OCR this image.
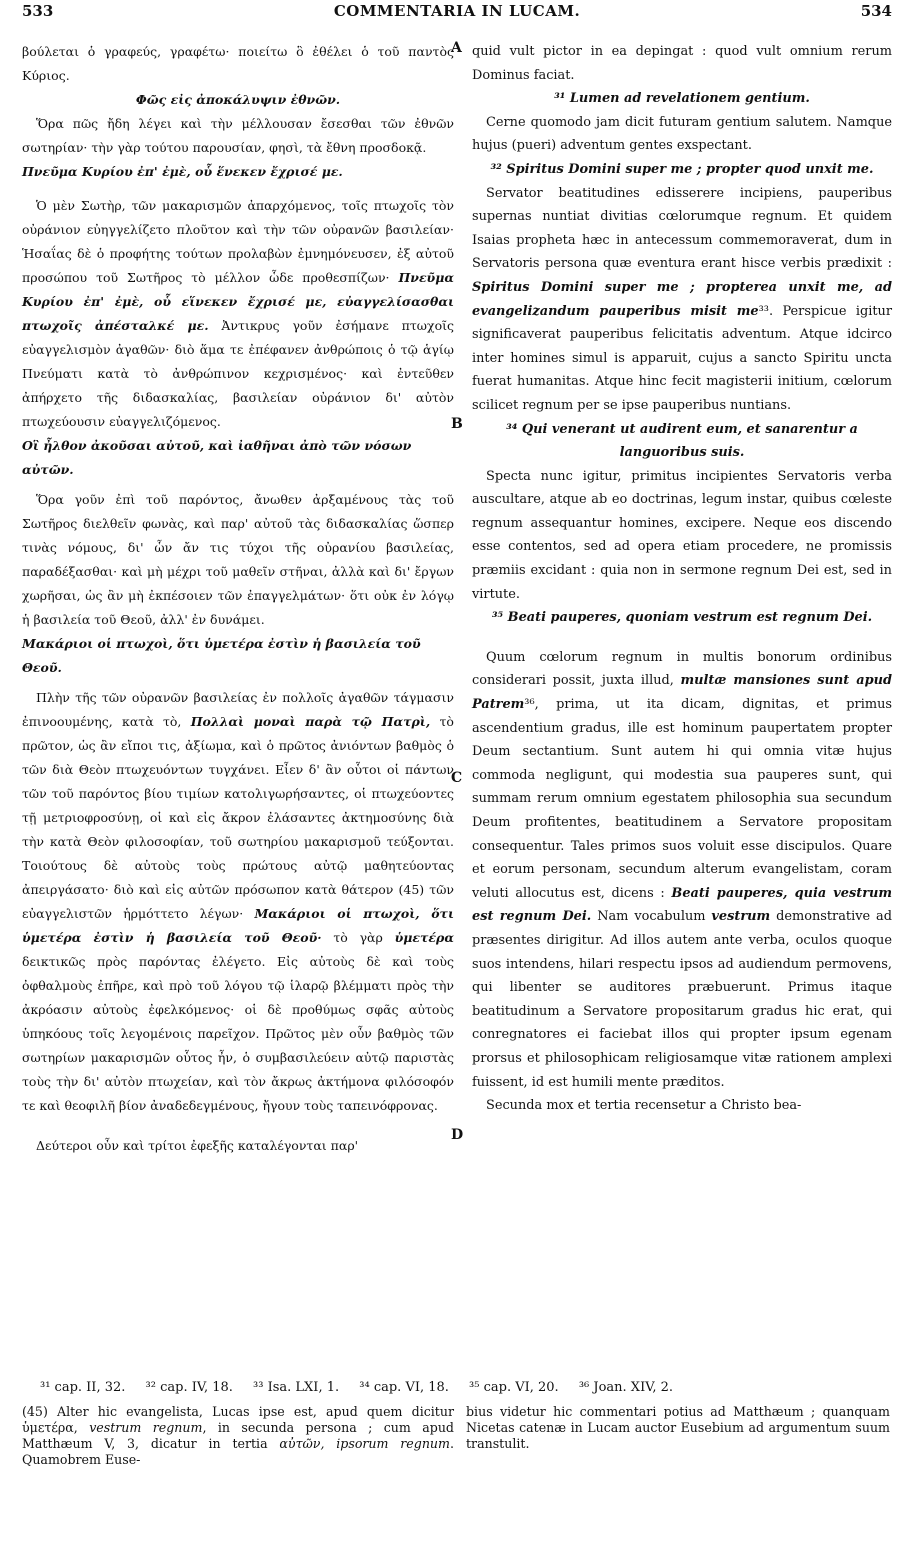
533	COMMENTARIA IN LUCAM.	534

βούλεται ὁ γραφεύς, γραφέτω· ποιείτω ὃ ἐθέλει ὁ τοῦ παντὸς Κύριος.

Φῶς εἰς ἀποκάλυψιν ἐθνῶν.

Ὅρα πῶς ἤδη λέγει καὶ τὴν μέλλουσαν ἔσεσθαι τῶν ἐθνῶν σωτηρίαν· τὴν γὰρ τούτου παρουσίαν, φησὶ, τὰ ἔθνη προσδοκᾷ.

Πνεῦμα Κυρίου ἐπ' ἐμὲ, οὗ ἕνεκεν ἔχρισέ με.

Ὁ μὲν Σωτὴρ, τῶν μακαρισμῶν ἀπαρχόμενος, τοῖς πτωχοῖς τὸν οὐράνιον εὐηγγελίζετο πλοῦτον καὶ τὴν τῶν οὐρανῶν βασιλείαν· Ἡσαΐας δὲ ὁ προφήτης τούτων προλαβὼν ἐμνημόνευσεν, ἐξ αὐτοῦ προσώπου τοῦ Σωτῆρος τὸ μέλλον ὧδε προθεσπίζων· Πνεῦμα Κυρίου ἐπ' ἐμὲ, οὗ εἵνεκεν ἔχρισέ με, εὐαγγελίσασθαι πτωχοῖς ἀπέσταλκέ με. Ἀντικρυς γοῦν ἐσήμανε πτωχοῖς εὐαγγελισμὸν ἀγαθῶν· διὸ ἅμα τε ἐπέφανεν ἀνθρώποις ὁ τῷ ἁγίῳ Πνεύματι κατὰ τὸ ἀνθρώπινον κεχρισμένος· καὶ ἐντεῦθεν ἀπήρχετο τῆς διδασκαλίας, βασιλείαν οὐράνιον δι' αὐτὸν πτωχεύουσιν εὐαγγελιζόμενος.

Οἳ ἦλθον ἀκοῦσαι αὐτοῦ, καὶ ἰαθῆναι ἀπὸ τῶν νόσων αὐτῶν.

Ὅρα γοῦν ἐπὶ τοῦ παρόντος, ἄνωθεν ἀρξαμένους τὰς τοῦ Σωτῆρος διελθεῖν φωνὰς, καὶ παρ' αὐτοῦ τὰς διδασκαλίας ὥσπερ τινὰς νόμους, δι' ὧν ἄν τις τύχοι τῆς οὐρανίου βασιλείας, παραδέξασθαι· καὶ μὴ μέχρι τοῦ μαθεῖν στῆναι, ἀλλὰ καὶ δι' ἔργων χωρῆσαι, ὡς ἂν μὴ ἐκπέσοιεν τῶν ἐπαγγελμάτων· ὅτι οὐκ ἐν λόγῳ ἡ βασιλεία τοῦ Θεοῦ, ἀλλ' ἐν δυνάμει.

Μακάριοι οἱ πτωχοὶ, ὅτι ὑμετέρα ἐστὶν ἡ βασιλεία τοῦ Θεοῦ.

Πλὴν τῆς τῶν οὐρανῶν βασιλείας ἐν πολλοῖς ἀγαθῶν τάγμασιν ἐπινοουμένης, κατὰ τὸ, Πολλαὶ μοναὶ παρὰ τῷ Πατρὶ, τὸ πρῶτον, ὡς ἂν εἴποι τις, ἀξίωμα, καὶ ὁ πρῶτος ἀνιόντων βαθμὸς ὁ τῶν διὰ Θεὸν πτωχευόντων τυγχάνει. Εἶεν δ' ἂν οὗτοι οἱ πάντων τῶν τοῦ παρόντος βίου τιμίων κατολιγωρήσαντες, οἱ πτωχεύοντες τῇ μετριοφροσύνῃ, οἱ καὶ εἰς ἄκρον ἐλάσαντες ἀκτημοσύνης διὰ τὴν κατὰ Θεὸν φιλοσοφίαν, τοῦ σωτηρίου μακαρισμοῦ τεύξονται. Τοιούτους δὲ αὐτοὺς τοὺς πρώτους αὐτῷ μαθητεύοντας ἀπειργάσατο· διὸ καὶ εἰς αὐτῶν πρόσωπον κατὰ θάτερον (45) τῶν εὐαγγελιστῶν ἡρμόττετο λέγων· Μακάριοι οἱ πτωχοὶ, ὅτι ὑμετέρα ἐστὶν ἡ βασιλεία τοῦ Θεοῦ· τὸ γὰρ ὑμετέρα δεικτικῶς πρὸς παρόντας ἐλέγετο. Εἰς αὐτοὺς δὲ καὶ τοὺς ὀφθαλμοὺς ἐπῆρε, καὶ πρὸ τοῦ λόγου τῷ ἱλαρῷ βλέμματι πρὸς τὴν ἀκρόασιν αὐτοὺς ἐφελκόμενος· οἱ δὲ προθύμως σφᾶς αὐτοὺς ὑπηκόους τοῖς λεγομένοις παρεῖχον. Πρῶτος μὲν οὖν βαθμὸς τῶν σωτηρίων μακαρισμῶν οὗτος ἦν, ὁ συμβασιλεύειν αὐτῷ παριστὰς τοὺς τὴν δι' αὐτὸν πτωχείαν, καὶ τὸν ἄκρως ἀκτήμονα φιλόσοφόν τε καὶ θεοφιλῆ βίον ἀναδεδεγμένους, ἤγουν τοὺς ταπεινόφρονας.

Δεύτεροι οὖν καὶ τρίτοι ἐφεξῆς καταλέγονται παρ'

A
B
C
D

quid vult pictor in ea depingat : quod vult omnium rerum Dominus faciat.

³¹ Lumen ad revelationem gentium.

Cerne quomodo jam dicit futuram gentium salutem. Namque hujus (pueri) adventum gentes exspectant.

³² Spiritus Domini super me ; propter quod unxit me.

Servator beatitudines edisserere incipiens, pauperibus supernas nuntiat divitias cœlorumque regnum. Et quidem Isaias propheta hæc in antecessum commemoraverat, dum in Servatoris persona quæ eventura erant hisce verbis prædixit : Spiritus Domini super me ; propterea unxit me, ad evangelizandum pauperibus misit me³³. Perspicue igitur significaverat pauperibus felicitatis adventum. Atque idcirco inter homines simul is apparuit, cujus a sancto Spiritu uncta fuerat humanitas. Atque hinc fecit magisterii initium, cœlorum scilicet regnum per se ipse pauperibus nuntians.

³⁴ Qui venerant ut audirent eum, et sanarentur a languoribus suis.

Specta nunc igitur, primitus incipientes Servatoris verba auscultare, atque ab eo doctrinas, legum instar, quibus cœleste regnum assequantur homines, excipere. Neque eos discendo esse contentos, sed ad opera etiam procedere, ne promissis præmiis excidant : quia non in sermone regnum Dei est, sed in virtute.

³⁵ Beati pauperes, quoniam vestrum est regnum Dei.

Quum cœlorum regnum in multis bonorum ordinibus considerari possit, juxta illud, multæ mansiones sunt apud Patrem³⁶, prima, ut ita dicam, dignitas, et primus ascendentium gradus, ille est hominum paupertatem propter Deum sectantium. Sunt autem hi qui omnia vitæ hujus commoda negligunt, qui modestia sua pauperes sunt, qui summam rerum omnium egestatem philosophia sua secundum Deum profitentes, beatitudinem a Servatore propositam consequentur. Tales primos suos voluit esse discipulos. Quare et eorum personam, secundum alterum evangelistam, coram veluti allocutus est, dicens : Beati pauperes, quia vestrum est regnum Dei. Nam vocabulum vestrum demonstrative ad præsentes dirigitur. Ad illos autem ante verba, oculos quoque suos intendens, hilari respectu ipsos ad audiendum permovens, qui libenter se auditores præbuerunt. Primus itaque beatitudinum a Servatore propositarum gradus hic erat, qui conregnatores ei faciebat illos qui propter ipsum egenam prorsus et philosophicam religiosamque vitæ rationem amplexi fuissent, id est humili mente præditos.

Secunda mox et tertia recensetur a Christo bea-

³¹ cap. II, 32. ³² cap. IV, 18. ³³ Isa. LXI, 1. ³⁴ cap. VI, 18. ³⁵ cap. VI, 20. ³⁶ Joan. XIV, 2.
(45) Alter hic evangelista, Lucas ipse est, apud quem dicitur ὑμετέρα, vestrum regnum, in secunda persona ; cum apud Matthæum V, 3, dicatur in tertia αὐτῶν, ipsorum regnum. Quamobrem Euse-
bius videtur hic commentari potius ad Matthæum ; quanquam Nicetas catenæ in Lucam auctor Eusebium ad argumentum suum transtulit.
